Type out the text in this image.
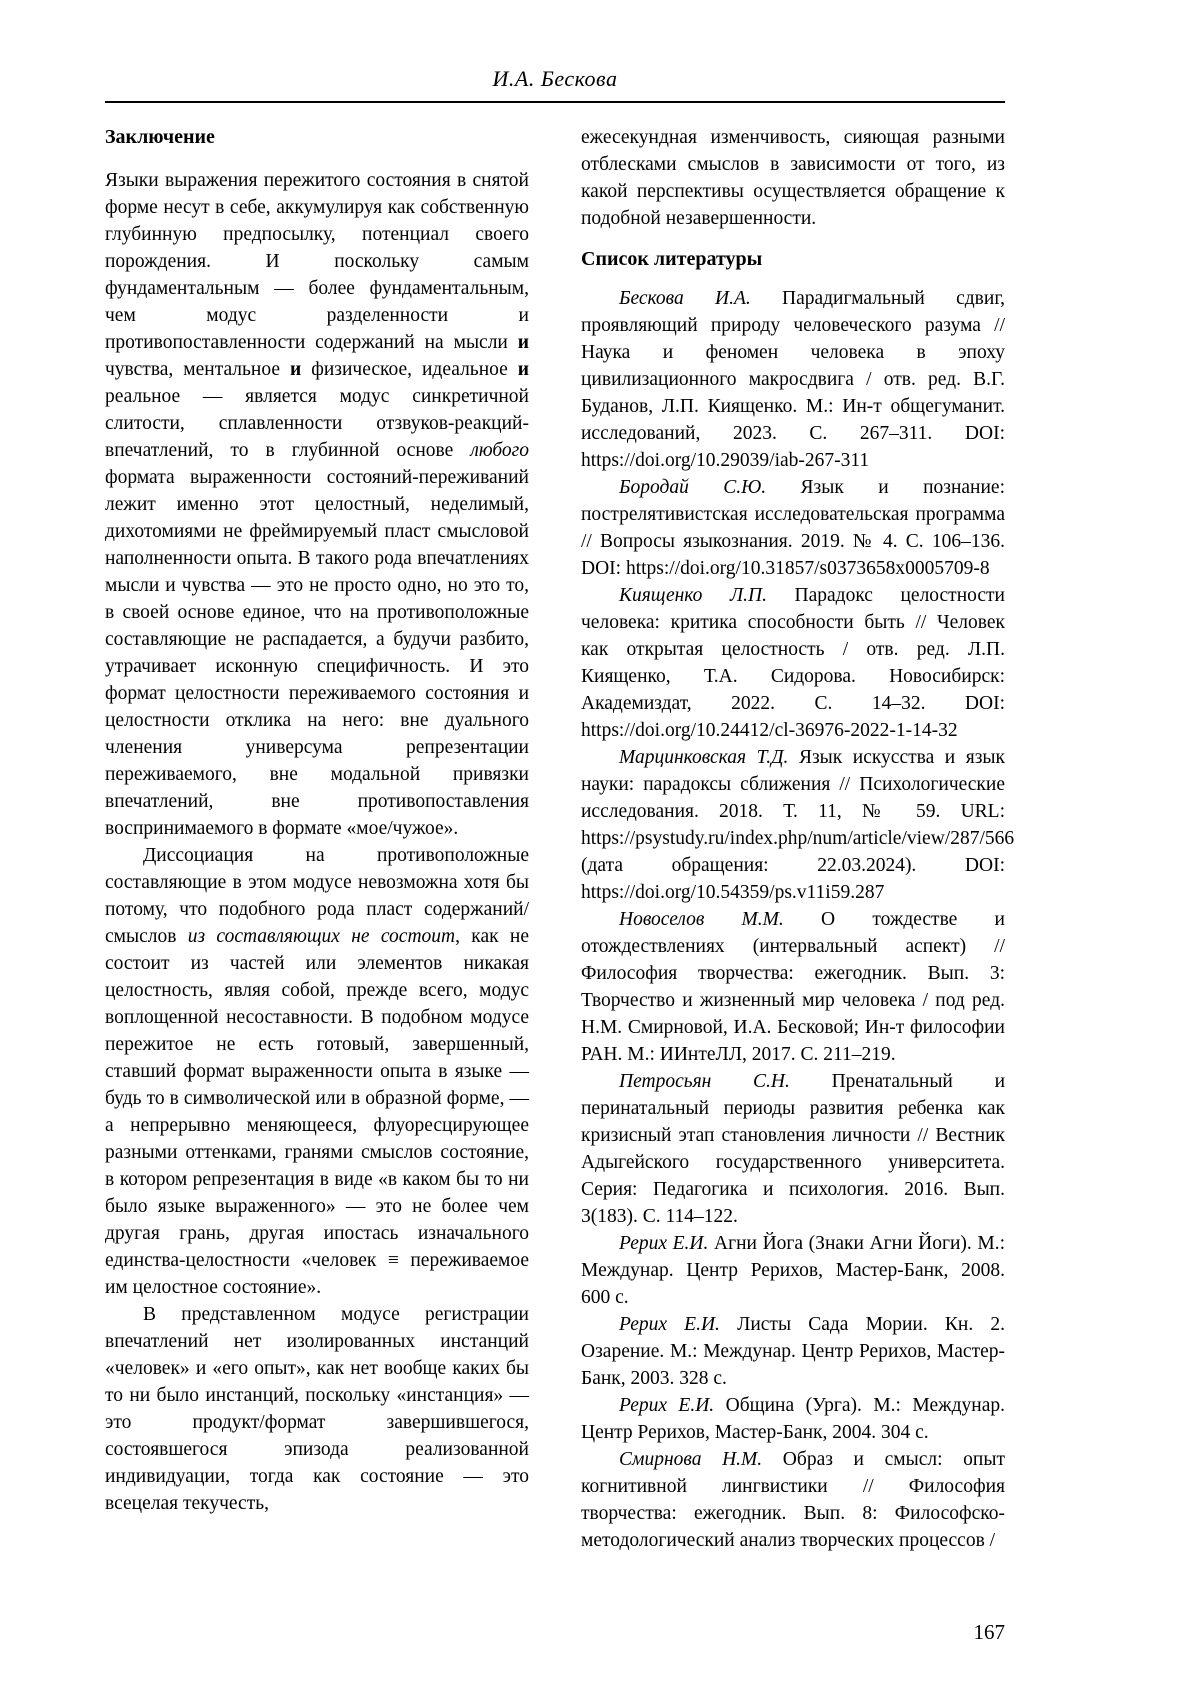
И.А. Бескова
Заключение

Языки выражения пережитого состояния в снятой форме несут в себе, аккумулируя как собственную глубинную предпосылку, потенциал своего порождения. И поскольку самым фундаментальным — более фундаментальным, чем модус разделенности и противопоставленности содержаний на мысли и чувства, ментальное и физическое, идеальное и реальное — является модус синкретичной слитости, сплавленности отзвуков-реакций-впечатлений, то в глубинной основе любого формата выраженности состояний-переживаний лежит именно этот целостный, неделимый, дихотомиями не фреймируемый пласт смысловой наполненности опыта. В такого рода впечатлениях мысли и чувства — это не просто одно, но это то, в своей основе единое, что на противоположные составляющие не распадается, а будучи разбито, утрачивает исконную специфичность. И это формат целостности переживаемого состояния и целостности отклика на него: вне дуального членения универсума репрезентации переживаемого, вне модальной привязки впечатлений, вне противопоставления воспринимаемого в формате «мое/чужое».

Диссоциация на противоположные составляющие в этом модусе невозможна хотя бы потому, что подобного рода пласт содержаний/смыслов из составляющих не состоит, как не состоит из частей или элементов никакая целостность, являя собой, прежде всего, модус воплощенной несоставности. В подобном модусе пережитое не есть готовый, завершенный, ставший формат выраженности опыта в языке — будь то в символической или в образной форме, — а непрерывно меняющееся, флуоресцирующее разными оттенками, гранями смыслов состояние, в котором репрезентация в виде «в каком бы то ни было языке выраженного» — это не более чем другая грань, другая ипостась изначального единства-целостности «человек ≡ переживаемое им целостное состояние».

В представленном модусе регистрации впечатлений нет изолированных инстанций «человек» и «его опыт», как нет вообще каких бы то ни было инстанций, поскольку «инстанция» — это продукт/формат завершившегося, состоявшегося эпизода реализованной индивидуации, тогда как состояние — это всецелая текучесть,

ежесекундная изменчивость, сияющая разными отблесками смыслов в зависимости от того, из какой перспективы осуществляется обращение к подобной незавершенности.

Список литературы

Бескова И.А. Парадигмальный сдвиг, проявляющий природу человеческого разума // Наука и феномен человека в эпоху цивилизационного макросдвига / отв. ред. В.Г. Буданов, Л.П. Киященко. М.: Ин-т общегуманит. исследований, 2023. С. 267–311. DOI: https://doi.org/10.29039/iab-267-311

Бородай С.Ю. Язык и познание: пострелятивистская исследовательская программа // Вопросы языкознания. 2019. № 4. С. 106–136. DOI: https://doi.org/10.31857/s0373658x0005709-8

Киященко Л.П. Парадокс целостности человека: критика способности быть // Человек как открытая целостность / отв. ред. Л.П. Киященко, Т.А. Сидорова. Новосибирск: Академиздат, 2022. С. 14–32. DOI: https://doi.org/10.24412/cl-36976-2022-1-14-32

Марцинковская Т.Д. Язык искусства и язык науки: парадоксы сближения // Психологические исследования. 2018. Т. 11, № 59. URL: https://psystudy.ru/index.php/num/article/view/287/566 (дата обращения: 22.03.2024). DOI: https://doi.org/10.54359/ps.v11i59.287

Новоселов М.М. О тождестве и отождествлениях (интервальный аспект) // Философия творчества: ежегодник. Вып. 3: Творчество и жизненный мир человека / под ред. Н.М. Смирновой, И.А. Бесковой; Ин-т философии РАН. М.: ИИнтеЛЛ, 2017. С. 211–219.

Петросьян С.Н. Пренатальный и перинатальный периоды развития ребенка как кризисный этап становления личности // Вестник Адыгейского государственного университета. Серия: Педагогика и психология. 2016. Вып. 3(183). С. 114–122.

Рерих Е.И. Агни Йога (Знаки Агни Йоги). М.: Междунар. Центр Рерихов, Мастер-Банк, 2008. 600 с.

Рерих Е.И. Листы Сада Мории. Кн. 2. Озарение. М.: Междунар. Центр Рерихов, Мастер-Банк, 2003. 328 с.

Рерих Е.И. Община (Урга). М.: Междунар. Центр Рерихов, Мастер-Банк, 2004. 304 с.

Смирнова Н.М. Образ и смысл: опыт когнитивной лингвистики // Философия творчества: ежегодник. Вып. 8: Философско-методологический анализ творческих процессов /

167
